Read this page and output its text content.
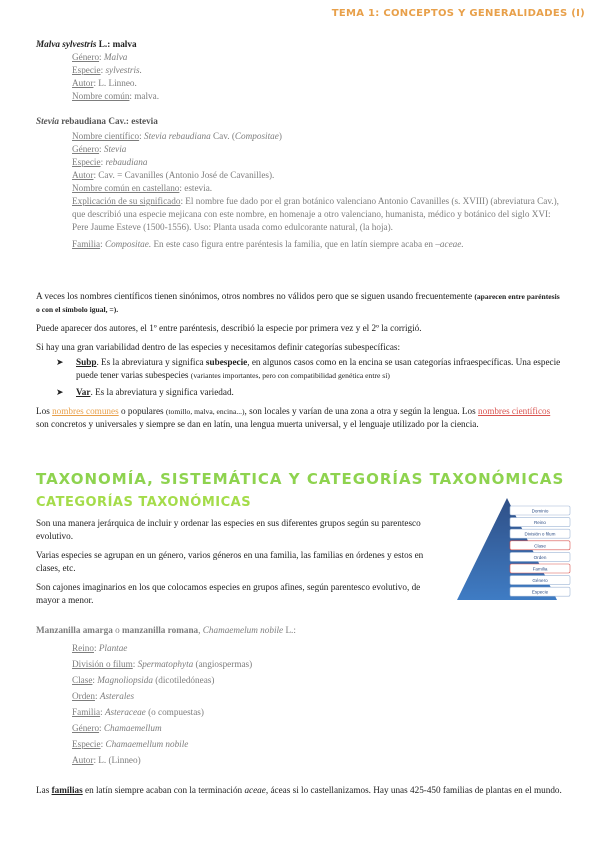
TEMA 1: CONCEPTOS Y GENERALIDADES (I)
Malva sylvestris L.: malva
Género: Malva
Especie: sylvestris.
Autor: L. Linneo.
Nombre común: malva.
Stevia rebaudiana Cav.: estevia
Nombre científico: Stevia rebaudiana Cav. (Compositae)
Género: Stevia
Especie: rebaudiana
Autor: Cav. = Cavanilles (Antonio José de Cavanilles).
Nombre común en castellano: estevia.
Explicación de su significado: El nombre fue dado por el gran botánico valenciano Antonio Cavanilles (s. XVIII) (abreviatura Cav.), que describió una especie mejicana con este nombre, en homenaje a otro valenciano, humanista, médico y botánico del siglo XVI: Pere Jaume Esteve (1500-1556). Uso: Planta usada como edulcorante natural, (la hoja).
Familia: Compositae. En este caso figura entre paréntesis la familia, que en latín siempre acaba en –aceae.
A veces los nombres científicos tienen sinónimos, otros nombres no válidos pero que se siguen usando frecuentemente (aparecen entre paréntesis o con el símbolo igual, =).
Puede aparecer dos autores, el 1º entre paréntesis, describió la especie por primera vez y el 2º la corrigió.
Si hay una gran variabilidad dentro de las especies y necesitamos definir categorías subespecíficas:
➤	Subp. Es la abreviatura y significa subespecie, en algunos casos como en la encina se usan categorías infraespecíficas. Una especie puede tener varias subespecies (variantes importantes, pero con compatibilidad genética entre sí)
➤	Var. Es la abreviatura y significa variedad.
Los nombres comunes o populares (tomillo, malva, encina...), son locales y varían de una zona a otra y según la lengua. Los nombres científicos son concretos y universales y siempre se dan en latín, una lengua muerta universal, y el lenguaje utilizado por la ciencia.
TAXONOMÍA, SISTEMÁTICA Y CATEGORÍAS TAXONÓMICAS
CATEGORÍAS TAXONÓMICAS
Son una manera jerárquica de incluir y ordenar las especies en sus diferentes grupos según su parentesco evolutivo.
Varias especies se agrupan en un género, varios géneros en una familia, las familias en órdenes y estos en clases, etc.
Son cajones imaginarios en los que colocamos especies en grupos afines, según parentesco evolutivo, de mayor a menor.
Dominio
Reino
División o filum
Clase
Orden
Familia
Género
Especie
Manzanilla amarga o manzanilla romana, Chamaemelum nobile L.:
Reino: Plantae
División o filum: Spermatophyta (angiospermas)
Clase: Magnoliopsida (dicotiledóneas)
Orden: Asterales
Familia: Asteraceae (o compuestas)
Género: Chamaemellum
Especie: Chamaemellum nobile
Autor: L. (Linneo)
Las familias en latín siempre acaban con la terminación aceae, áceas si lo castellanizamos. Hay unas 425-450 familias de plantas en el mundo.
